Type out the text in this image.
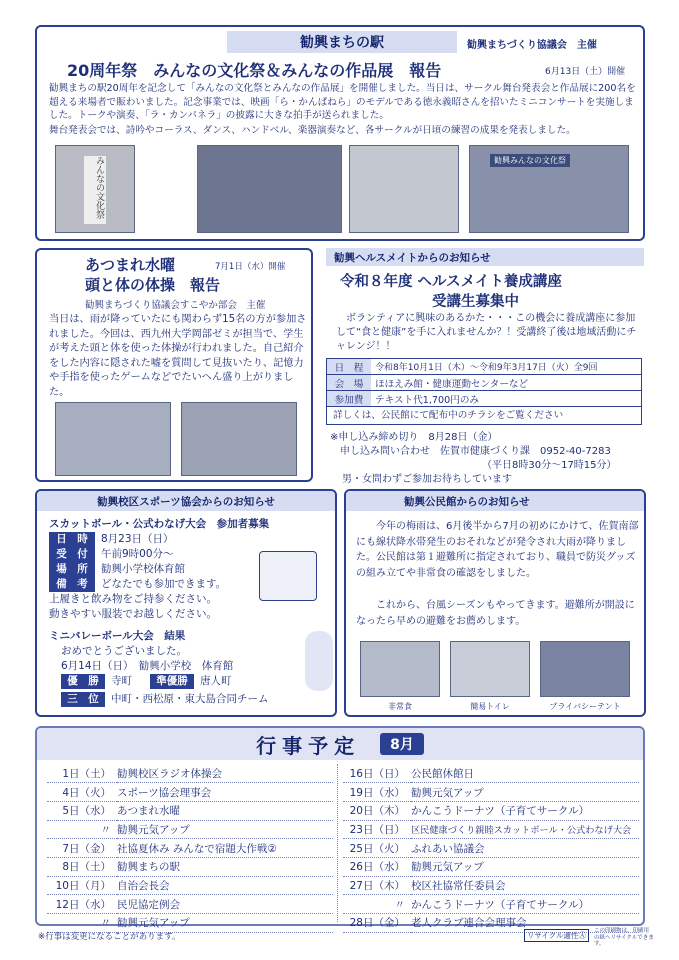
勧興まちの駅	勧興まちづくり協議会　主催
20周年祭　みんなの文化祭＆みんなの作品展　報告	6月13日（土）開催
勧興まちの駅20周年を記念して「みんなの文化祭とみんなの作品展」を開催しました。当日は、サークル舞台発表会と作品展に200名を超える来場者で賑わいました。記念事業では、映画「ら・かんぱねら」のモデルである徳永義昭さんを招いたミニコンサートを実施しました。トークや演奏、「ラ・カンパネラ」の披露に大きな拍手が送られました。
舞台発表会では、詩吟やコーラス、ダンス、ハンドベル、楽器演奏など、各サークルが日頃の練習の成果を発表しました。
みんなの文化祭	勧興みんなの文化祭
あつまれ水曜	7月1日（水）開催
頭と体の体操　報告
勧興まちづくり協議会すこやか部会　主催
当日は、雨が降っていたにも関わらず15名の方が参加されました。今回は、西九州大学岡部ゼミが担当で、学生が考えた頭と体を使った体操が行われました。自己紹介をした内容に隠された嘘を質問して見抜いたり、記憶力や手指を使ったゲームなどでたいへん盛り上がりました。
勧興ヘルスメイトからのお知らせ
令和８年度 ヘルスメイト養成講座
受講生募集中
ボランティアに興味のあるかた・・・この機会に養成講座に参加して“食と健康”を手に入れませんか？！受講終了後は地域活動にチャレンジ！！
日　程	令和8年10月1日（木）〜令和9年3月17日（火）全9回
会　場	ほほえみ館・健康運動センターなど
参加費	テキスト代1,700円のみ
詳しくは、公民館にて配布中のチラシをご覧ください
※申し込み締め切り　8月28日（金）
申し込み問い合わせ　佐賀市健康づくり課　0952-40-7283
（平日8時30分〜17時15分）
男・女問わずご参加お待ちしています
勧興校区スポーツ協会からのお知らせ
スカットボール・公式わなげ大会　参加者募集
日　時	8月23日（日）
受　付	午前9時00分～
場　所	勧興小学校体育館
備　考	どなたでも参加できます。
上履きと飲み物をご持参ください。
動きやすい服装でお越しください。
ミニバレーボール大会　結果
おめでとうございました。
6月14日（日）　勧興小学校　体育館
優　勝	寺町	準優勝	唐人町
三　位	中町・西松原・東大島合同チーム
勧興公民館からのお知らせ
今年の梅雨は、6月後半から7月の初めにかけて、佐賀南部にも線状降水帯発生のおそれなどが発令され大雨が降りました。公民館は第１避難所に指定されており、職員で防災グッズの組み立てや非常食の確認をしました。
これから、台風シーズンもやってきます。避難所が開設になったら早めの避難をお薦めします。
非常食	簡易トイレ	プライバシーテント
行事予定	8月
1日（土）	勧興校区ラジオ体操会
4日（火）	スポーツ協会理事会
5日（水）	あつまれ水曜
〃	勧興元気アップ
7日（金）	社協夏休み みんなで宿題大作戦②
8日（土）	勧興まちの駅
10日（月）	自治会長会
12日（水）	民児協定例会
〃	勧興元気アップ
16日（日）	公民館休館日
19日（水）	勧興元気アップ
20日（木）	かんこうドーナツ（子育てサークル）
23日（日）	区民健康づくり親睦スカットボール・公式わなげ大会
25日（火）	ふれあい協議会
26日（水）	勧興元気アップ
27日（木）	校区社協常任委員会
〃	かんこうドーナツ（子育てサークル）
28日（金）	老人クラブ連合会理事会
※行事は変更になることがあります。	リサイクル適性Ⓐ	この印刷物は、印刷用の紙へリサイクルできます。
